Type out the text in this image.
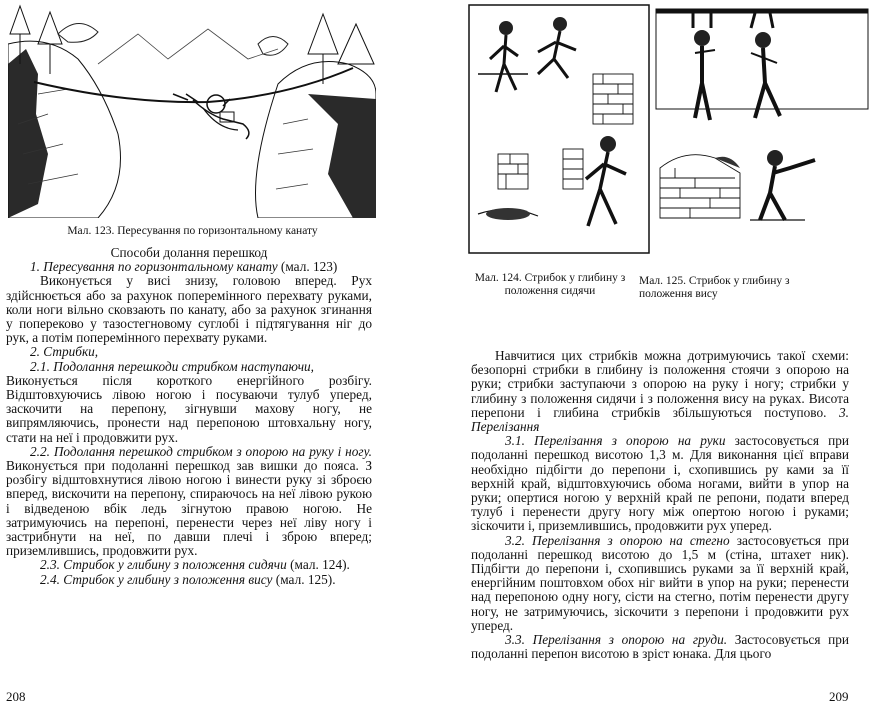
Мал. 123. Пересування по горизонтальному канату

Способи долання перешкод

1. Пересування по горизонтальному канату (мал. 123)

Виконується у висі знизу, головою вперед. Рух здійснюється або за рахунок поперемінного перехвату руками, коли ноги вільно сковзають по канату, або за рахунок згинання у попереково у тазостегновому суглобі і підтягування ніг до рук, а потім поперемінного перехвату руками.

2. Стрибки,

2.1. Подолання перешкоди стрибком наступаючи,

Виконується після короткого енергійного розбігу. Відштовхуючись лівою ногою і посуваючи тулуб уперед, заскочити на перепону, зігнувши махову ногу, не випрямляючись, пронести над перепоною штовхальну ногу, стати на неї і продовжити рух.

2.2. Подолання перешкод стрибком з опорою на руку і ногу. Виконується при подоланні перешкод зав вишки до пояса. З розбігу відштовхнутися лівою ногою і винести руку зі зброєю вперед, вискочити на перепону, спираючось на неї лівою рукою і відведеною вбік ледь зігнутою правою ногою. Не затримуючись на перепоні, перенести через неї ліву ногу і застрибнути на неї, по давши плечі і зброю вперед; приземлившись, продовжити рух.

2.3. Стрибок у глибину з положення сидячи (мал. 124).

2.4. Стрибок у глибину з положення вису (мал. 125).

208
Мал. 124. Стрибок у глибину з положення сидячи
Мал. 125. Стрибок у глибину з положення вису

Навчитися цих стрибків можна дотримуючись такої схеми: безопорні стрибки в глибину із положення стоячи з опорою на руки; стрибки заступаючи з опорою на руку і ногу; стрибки у глибину з положення сидячи і з положення вису на руках. Висота перепони і глибина стрибків збільшуються поступово. 3. Перелізання

3.1. Перелізання з опорою на руки застосовується при подоланні перешкод висотою 1,3 м. Для виконання цієї вправи необхідно підбігти до перепони і, схопившись ру ками за її верхній край, відштовхуючись обома ногами, вийти в упор на руки; опертися ногою у верхній край пе репони, подати вперед тулуб і перенести другу ногу між опертою ногою і руками; зіскочити і, приземлившись, продовжити рух уперед.

3.2. Перелізання з опорою на стегно застосовується при подоланні перешкод висотою до 1,5 м (стіна, штахет ник). Підбігти до перепони і, схопившись руками за її верхній край, енергійним поштовхом обох ніг вийти в упор на руки; перенести над перепоною одну ногу, сісти на стегно, потім перенести другу ногу, не затримуючись, зіскочити з перепони і продовжити рух уперед.

3.3. Перелізання з опорою на груди. Застосовується при подоланні перепон висотою в зріст юнака. Для цього

209
